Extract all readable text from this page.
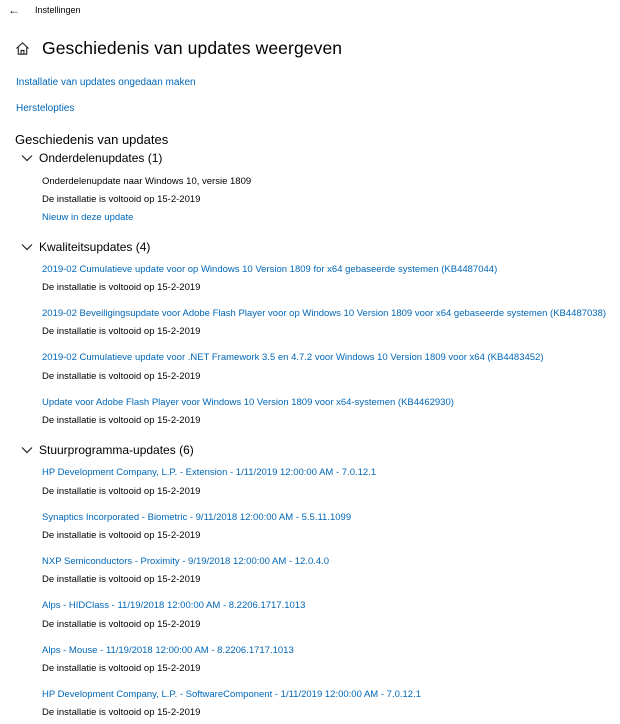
← Instellingen
Geschiedenis van updates weergeven
Installatie van updates ongedaan maken
Herstelopties
Geschiedenis van updates
Onderdelenupdates (1)
Onderdelenupdate naar Windows 10, versie 1809
De installatie is voltooid op 15-2-2019
Nieuw in deze update
Kwaliteitsupdates (4)
2019-02 Cumulatieve update voor op Windows 10 Version 1809 for x64 gebaseerde systemen (KB4487044)
De installatie is voltooid op 15-2-2019
2019-02 Beveiligingsupdate voor Adobe Flash Player voor op Windows 10 Version 1809 voor x64 gebaseerde systemen (KB4487038)
De installatie is voltooid op 15-2-2019
2019-02 Cumulatieve update voor .NET Framework 3.5 en 4.7.2 voor Windows 10 Version 1809 voor x64 (KB4483452)
De installatie is voltooid op 15-2-2019
Update voor Adobe Flash Player voor Windows 10 Version 1809 voor x64-systemen (KB4462930)
De installatie is voltooid op 15-2-2019
Stuurprogramma-updates (6)
HP Development Company, L.P. - Extension - 1/11/2019 12:00:00 AM - 7.0.12.1
De installatie is voltooid op 15-2-2019
Synaptics Incorporated - Biometric - 9/11/2018 12:00:00 AM - 5.5.11.1099
De installatie is voltooid op 15-2-2019
NXP Semiconductors - Proximity - 9/19/2018 12:00:00 AM - 12.0.4.0
De installatie is voltooid op 15-2-2019
Alps - HIDClass - 11/19/2018 12:00:00 AM - 8.2206.1717.1013
De installatie is voltooid op 15-2-2019
Alps - Mouse - 11/19/2018 12:00:00 AM - 8.2206.1717.1013
De installatie is voltooid op 15-2-2019
HP Development Company, L.P. - SoftwareComponent - 1/11/2019 12:00:00 AM - 7.0.12.1
De installatie is voltooid op 15-2-2019
